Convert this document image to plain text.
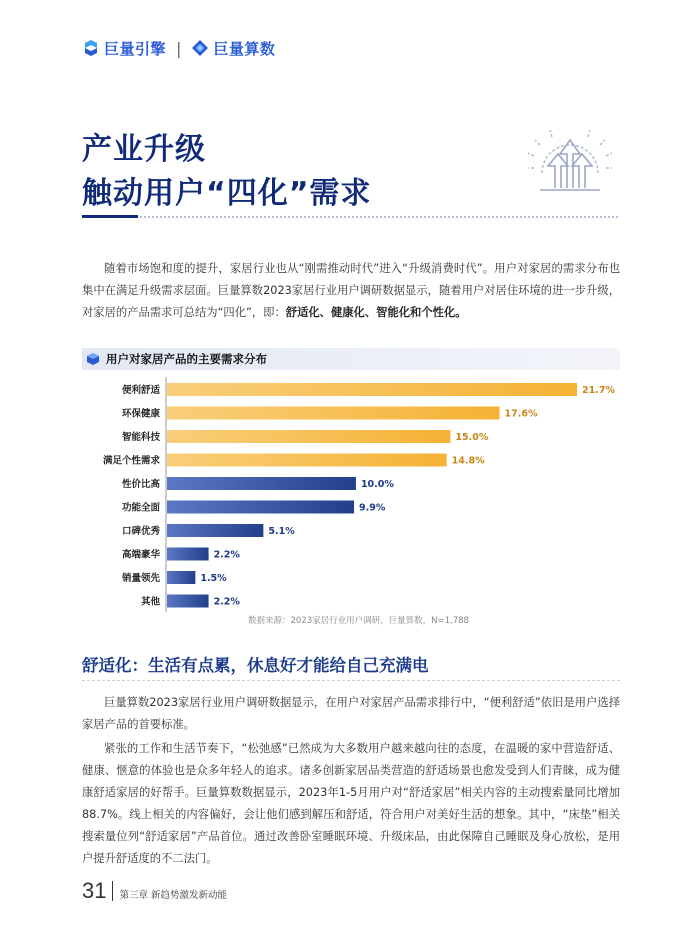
巨量引擎 | 巨量算数
产业升级
触动用户“四化”需求
随着市场饱和度的提升，家居行业也从“刚需推动时代”进入“升级消费时代”。用户对家居的需求分布也集中在满足升级需求层面。巨量算数2023家居行业用户调研数据显示，随着用户对居住环境的进一步升级，对家居的产品需求可总结为“四化”，即：舒适化、健康化、智能化和个性化。
用户对家居产品的主要需求分布
便利舒适	21.7%
环保健康	17.6%
智能科技	15.0%
满足个性需求	14.8%
性价比高	10.0%
功能全面	9.9%
口碑优秀	5.1%
高端豪华	2.2%
销量领先	1.5%
其他	2.2%
数据来源：2023家居行业用户调研，巨量算数，N=1,788
舒适化：生活有点累，休息好才能给自己充满电
巨量算数2023家居行业用户调研数据显示，在用户对家居产品需求排行中，“便利舒适”依旧是用户选择家居产品的首要标准。
紧张的工作和生活节奏下，“松弛感”已然成为大多数用户越来越向往的态度，在温暖的家中营造舒适、健康、惬意的体验也是众多年轻人的追求。诸多创新家居品类营造的舒适场景也愈发受到人们青睐，成为健康舒适家居的好帮手。巨量算数数据显示，2023年1-5月用户对“舒适家居”相关内容的主动搜索量同比增加88.7%。线上相关的内容偏好，会让他们感到解压和舒适，符合用户对美好生活的想象。其中，“床垫”相关搜索量位列“舒适家居”产品首位。通过改善卧室睡眠环境、升级床品，由此保障自己睡眠及身心放松，是用户提升舒适度的不二法门。
31 第三章 新趋势激发新动能
